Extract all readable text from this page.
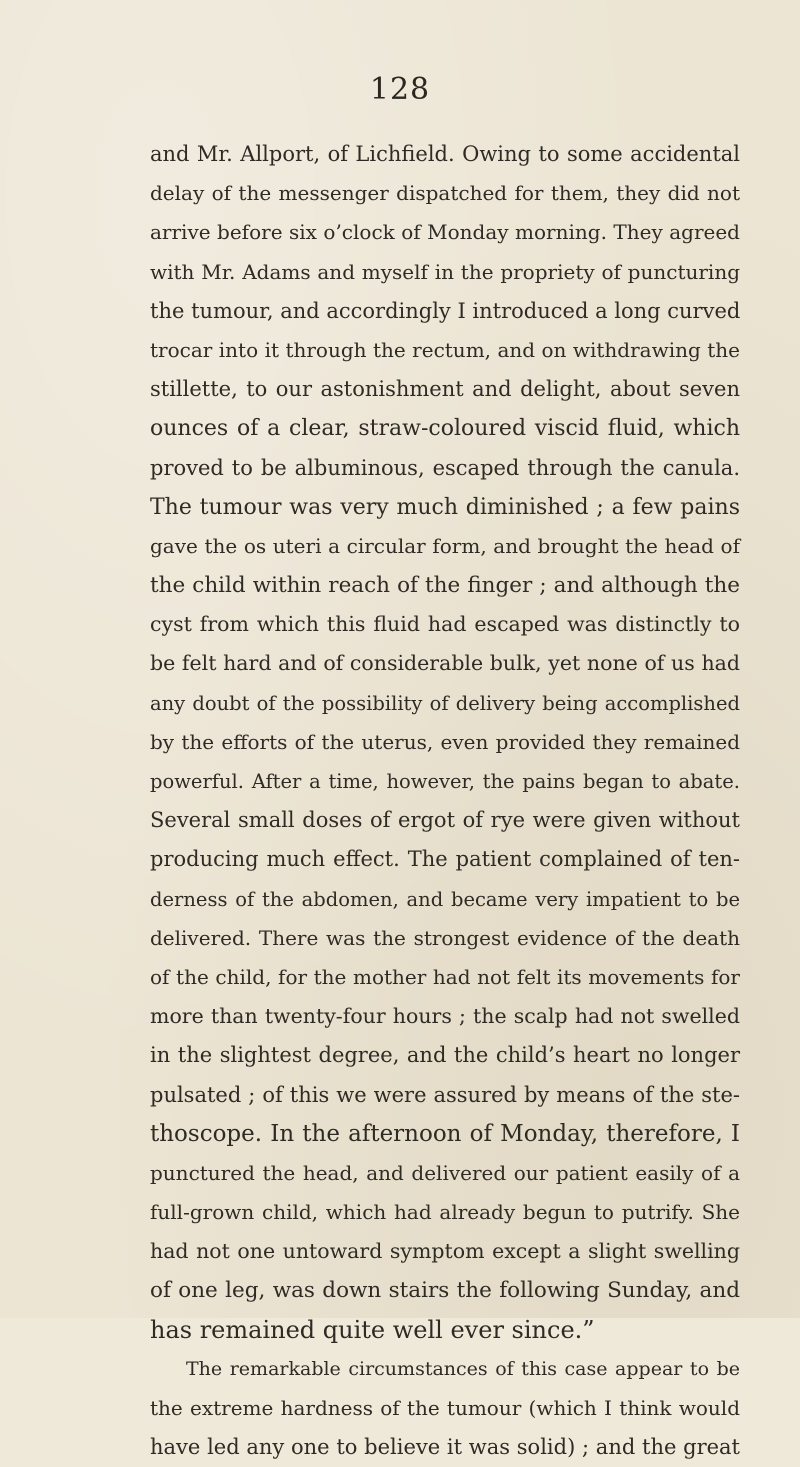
128
and Mr. Allport, of Lichfield. Owing to some accidental
delay of the messenger dispatched for them, they did not
arrive before six o’clock of Monday morning. They agreed
with Mr. Adams and myself in the propriety of puncturing
the tumour, and accordingly I introduced a long curved
trocar into it through the rectum, and on withdrawing the
stillette, to our astonishment and delight, about seven
ounces of a clear, straw-coloured viscid fluid, which
proved to be albuminous, escaped through the canula.
The tumour was very much diminished ; a few pains
gave the os uteri a circular form, and brought the head of
the child within reach of the finger ; and although the
cyst from which this fluid had escaped was distinctly to
be felt hard and of considerable bulk, yet none of us had
any doubt of the possibility of delivery being accomplished
by the efforts of the uterus, even provided they remained
powerful. After a time, however, the pains began to abate.
Several small doses of ergot of rye were given without
producing much effect. The patient complained of ten-
derness of the abdomen, and became very impatient to be
delivered. There was the strongest evidence of the death
of the child, for the mother had not felt its movements for
more than twenty-four hours ; the scalp had not swelled
in the slightest degree, and the child’s heart no longer
pulsated ; of this we were assured by means of the ste-
thoscope. In the afternoon of Monday, therefore, I
punctured the head, and delivered our patient easily of a
full-grown child, which had already begun to putrify. She
had not one untoward symptom except a slight swelling
of one leg, was down stairs the following Sunday, and
has remained quite well ever since.”
The remarkable circumstances of this case appear to be
the extreme hardness of the tumour (which I think would
have led any one to believe it was solid) ; and the great
